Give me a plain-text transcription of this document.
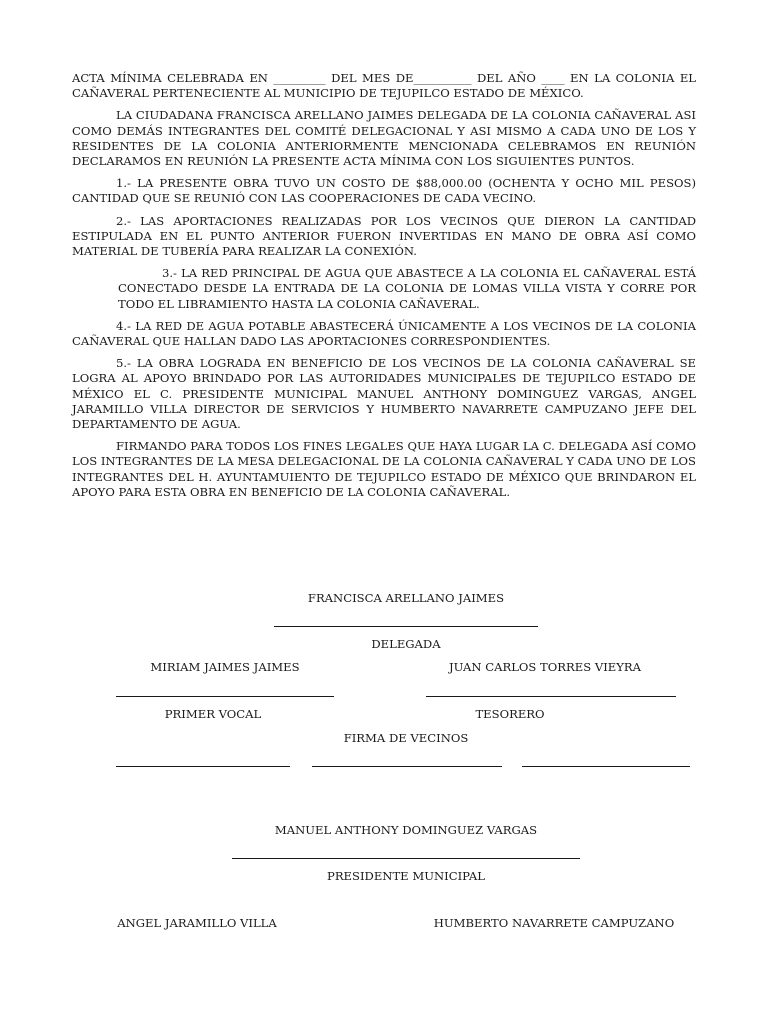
ACTA MÍNIMA CELEBRADA EN _________ DEL MES DE__________ DEL AÑO ____ EN LA COLONIA EL CAÑAVERAL PERTENECIENTE AL MUNICIPIO DE TEJUPILCO ESTADO DE MÉXICO.

LA CIUDADANA FRANCISCA ARELLANO JAIMES DELEGADA DE LA COLONIA CAÑAVERAL ASI COMO DEMÁS INTEGRANTES DEL COMITÉ DELEGACIONAL Y ASI MISMO A CADA UNO DE LOS Y RESIDENTES DE LA COLONIA ANTERIORMENTE MENCIONADA CELEBRAMOS EN REUNIÓN DECLARAMOS EN REUNIÓN LA PRESENTE ACTA MÍNIMA CON LOS SIGUIENTES PUNTOS.

1.- LA PRESENTE OBRA TUVO UN COSTO DE $88,000.00 (OCHENTA Y OCHO MIL PESOS) CANTIDAD QUE SE REUNIÓ CON LAS COOPERACIONES DE CADA VECINO.

2.- LAS APORTACIONES REALIZADAS POR LOS VECINOS QUE DIERON LA CANTIDAD ESTIPULADA EN EL PUNTO ANTERIOR FUERON INVERTIDAS EN MANO DE OBRA ASÍ COMO MATERIAL DE TUBERÍA PARA REALIZAR LA CONEXIÓN.

3.- LA RED PRINCIPAL DE AGUA QUE ABASTECE A LA COLONIA EL CAÑAVERAL ESTÁ CONECTADO DESDE LA ENTRADA DE LA COLONIA DE LOMAS VILLA VISTA Y CORRE POR TODO EL LIBRAMIENTO HASTA LA COLONIA CAÑAVERAL.

4.- LA RED DE AGUA POTABLE ABASTECERÁ ÚNICAMENTE A LOS VECINOS DE LA COLONIA CAÑAVERAL QUE HALLAN DADO LAS APORTACIONES CORRESPONDIENTES.

5.- LA OBRA LOGRADA EN BENEFICIO DE LOS VECINOS DE LA COLONIA CAÑAVERAL SE LOGRA AL APOYO BRINDADO POR LAS AUTORIDADES MUNICIPALES DE TEJUPILCO ESTADO DE MÉXICO EL C. PRESIDENTE MUNICIPAL MANUEL ANTHONY DOMINGUEZ VARGAS, ANGEL JARAMILLO VILLA DIRECTOR DE SERVICIOS Y HUMBERTO NAVARRETE CAMPUZANO JEFE DEL DEPARTAMENTO DE AGUA.

FIRMANDO PARA TODOS LOS FINES LEGALES QUE HAYA LUGAR LA C. DELEGADA ASÍ COMO LOS INTEGRANTES DE LA MESA DELEGACIONAL DE LA COLONIA CAÑAVERAL Y CADA UNO DE LOS INTEGRANTES DEL H. AYUNTAMUIENTO DE TEJUPILCO ESTADO DE MÉXICO QUE BRINDARON EL APOYO PARA ESTA OBRA EN BENEFICIO DE LA COLONIA CAÑAVERAL.

FRANCISCA ARELLANO JAIMES
DELEGADA
MIRIAM JAIMES JAIMES	JUAN CARLOS TORRES VIEYRA
PRIMER VOCAL	TESORERO
FIRMA DE VECINOS
MANUEL ANTHONY DOMINGUEZ VARGAS
PRESIDENTE MUNICIPAL
ANGEL JARAMILLO VILLA	HUMBERTO NAVARRETE CAMPUZANO
